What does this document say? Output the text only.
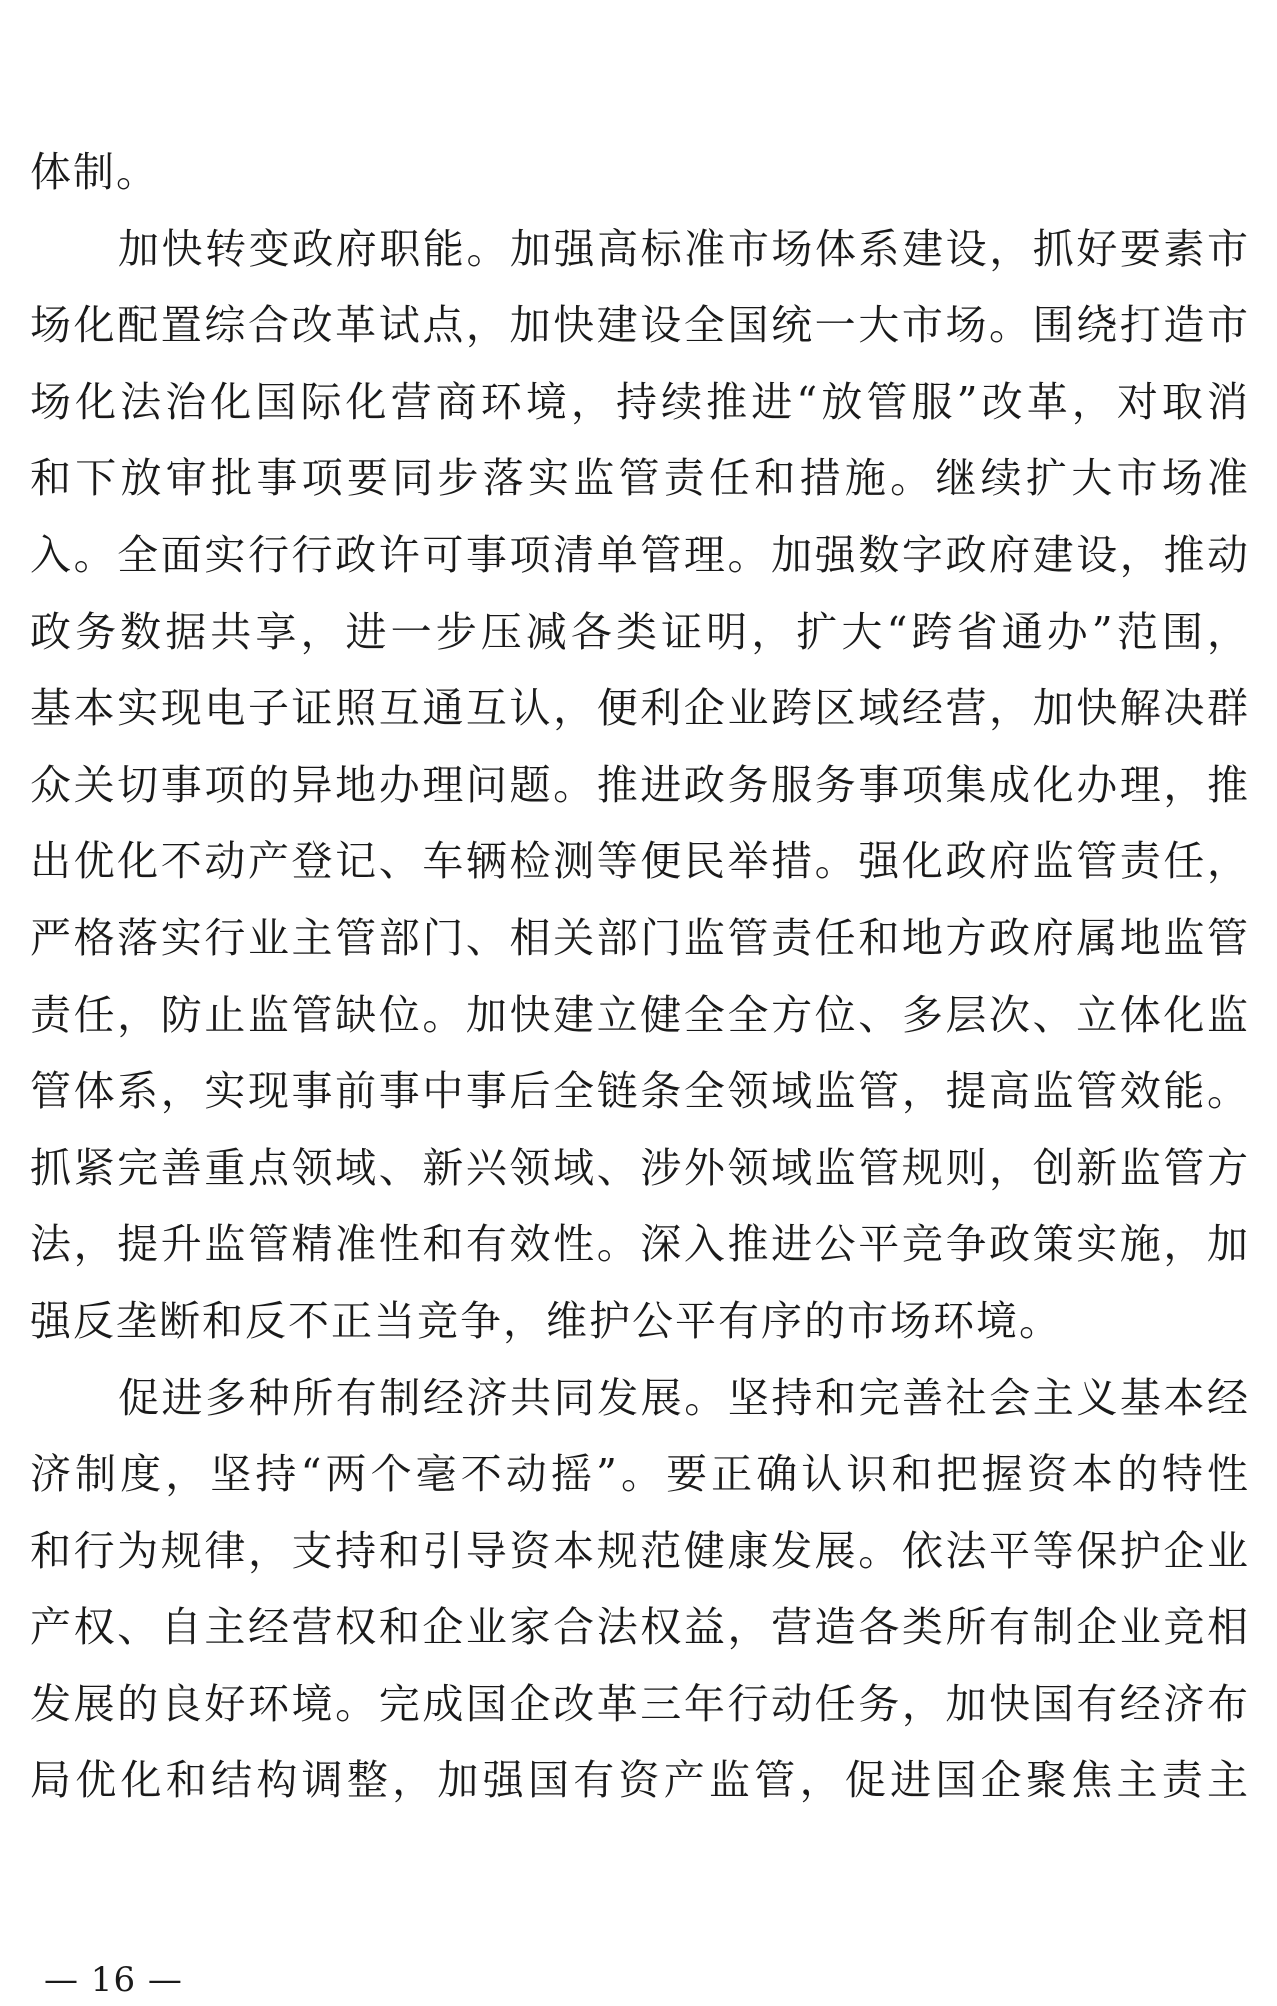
体制。
加快转变政府职能。加强高标准市场体系建设，抓好要素市
场化配置综合改革试点，加快建设全国统一大市场。围绕打造市
场化法治化国际化营商环境，持续推进“放管服”改革，对取消
和下放审批事项要同步落实监管责任和措施。继续扩大市场准
入。全面实行行政许可事项清单管理。加强数字政府建设，推动
政务数据共享，进一步压减各类证明，扩大“跨省通办”范围，
基本实现电子证照互通互认，便利企业跨区域经营，加快解决群
众关切事项的异地办理问题。推进政务服务事项集成化办理，推
出优化不动产登记、车辆检测等便民举措。强化政府监管责任，
严格落实行业主管部门、相关部门监管责任和地方政府属地监管
责任，防止监管缺位。加快建立健全全方位、多层次、立体化监
管体系，实现事前事中事后全链条全领域监管，提高监管效能。
抓紧完善重点领域、新兴领域、涉外领域监管规则，创新监管方
法，提升监管精准性和有效性。深入推进公平竞争政策实施，加
强反垄断和反不正当竞争，维护公平有序的市场环境。
促进多种所有制经济共同发展。坚持和完善社会主义基本经
济制度，坚持“两个毫不动摇”。要正确认识和把握资本的特性
和行为规律，支持和引导资本规范健康发展。依法平等保护企业
产权、自主经营权和企业家合法权益，营造各类所有制企业竞相
发展的良好环境。完成国企改革三年行动任务，加快国有经济布
局优化和结构调整，加强国有资产监管，促进国企聚焦主责主
— 16 —
